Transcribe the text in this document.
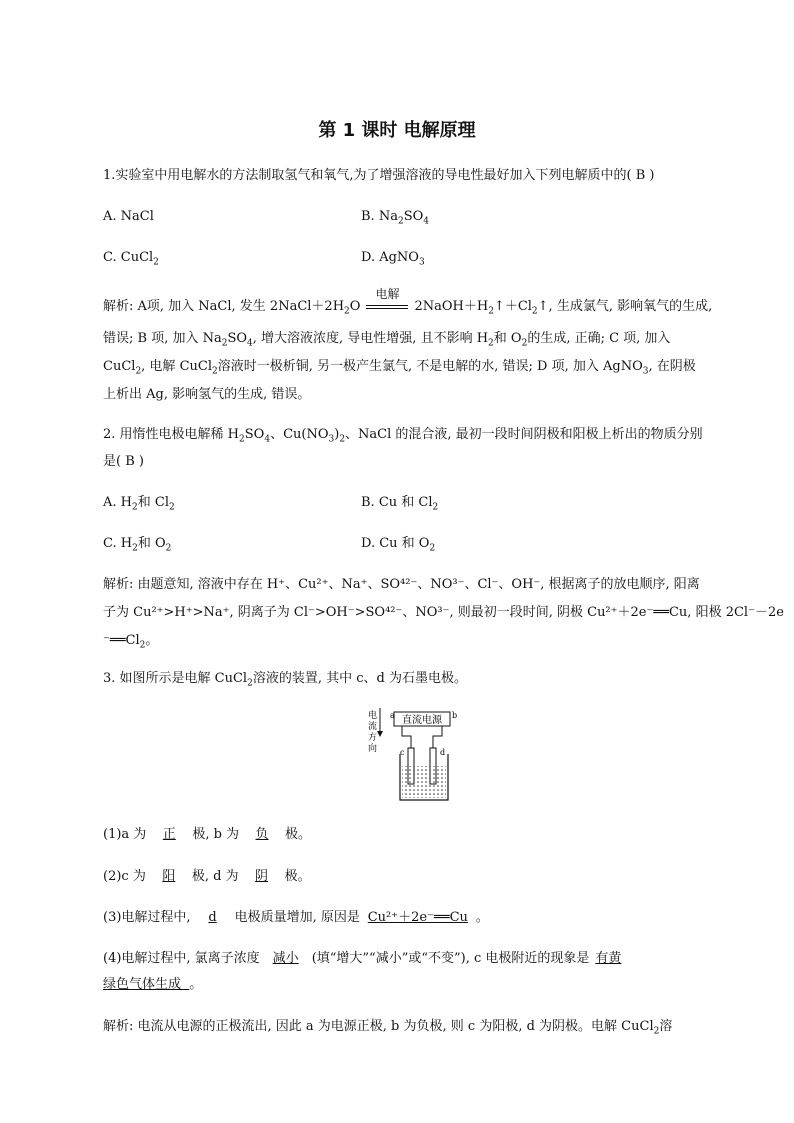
第 1 课时 电解原理
1.实验室中用电解水的方法制取氢气和氧气,为了增强溶液的导电性最好加入下列电解质中的( B )
A. NaCl	B. $Na_2SO_4$
C. CuCl$_2$	D. AgNO$_3$
解析: A项, 加入 NaCl, 发生 $2NaCl+2H_2O$
电解
$2NaOH+H_2↑+Cl_2↑$, 生成氯气, 影响氧气的生成,
错误; B 项, 加入 $Na_2SO_4$, 增大溶液浓度, 导电性增强, 且不影响 $H_2$和 $O_2$的生成, 正确; C 项, 加入
CuCl$_2$, 电解 CuCl$_2$溶液时一极析铜, 另一极产生氯气, 不是电解的水, 错误; D 项, 加入 AgNO$_3$, 在阴极
上析出 Ag, 影响氢气的生成, 错误。
2. 用惰性电极电解稀 $H_2SO_4$、$Cu(NO_3)_2$、NaCl 的混合液, 最初一段时间阴极和阳极上析出的物质分别
是( B )
A. $H_2$和 $Cl_2$	B. Cu 和 $Cl_2$
C. $H_2$和 $O_2$	D. Cu 和 $O_2$
解析: 由题意知, 溶液中存在 H⁺、Cu²⁺、Na⁺、SO⁴²⁻、NO³⁻、Cl⁻、OH⁻, 根据离子的放电顺序, 阳离
子为 Cu²⁺>H⁺>Na⁺, 阴离子为 Cl⁻>OH⁻>SO⁴²⁻、NO³⁻, 则最初一段时间, 阴极 Cu²⁺＋2e⁻══Cu, 阳极 2Cl⁻－2e
$^-══Cl_2$。
3. 如图所示是电解 CuCl$_2$溶液的装置, 其中 c、d 为石墨电极。
电
流
方
向
直流电源
a	b
c	d
(1)a 为 正 极, b 为 负 极。
(2)c 为 阳 极, d 为 阴 极。
(3)电解过程中, d 电极质量增加, 原因是 Cu²⁺＋2e⁻══Cu 。
(4)电解过程中, 氯离子浓度 减小 (填“增大”“减小”或“不变”), c 电极附近的现象是 有黄
绿色气体生成 。
解析: 电流从电源的正极流出, 因此 a 为电源正极, b 为负极, 则 c 为阳极, d 为阴极。电解 CuCl$_2$溶
